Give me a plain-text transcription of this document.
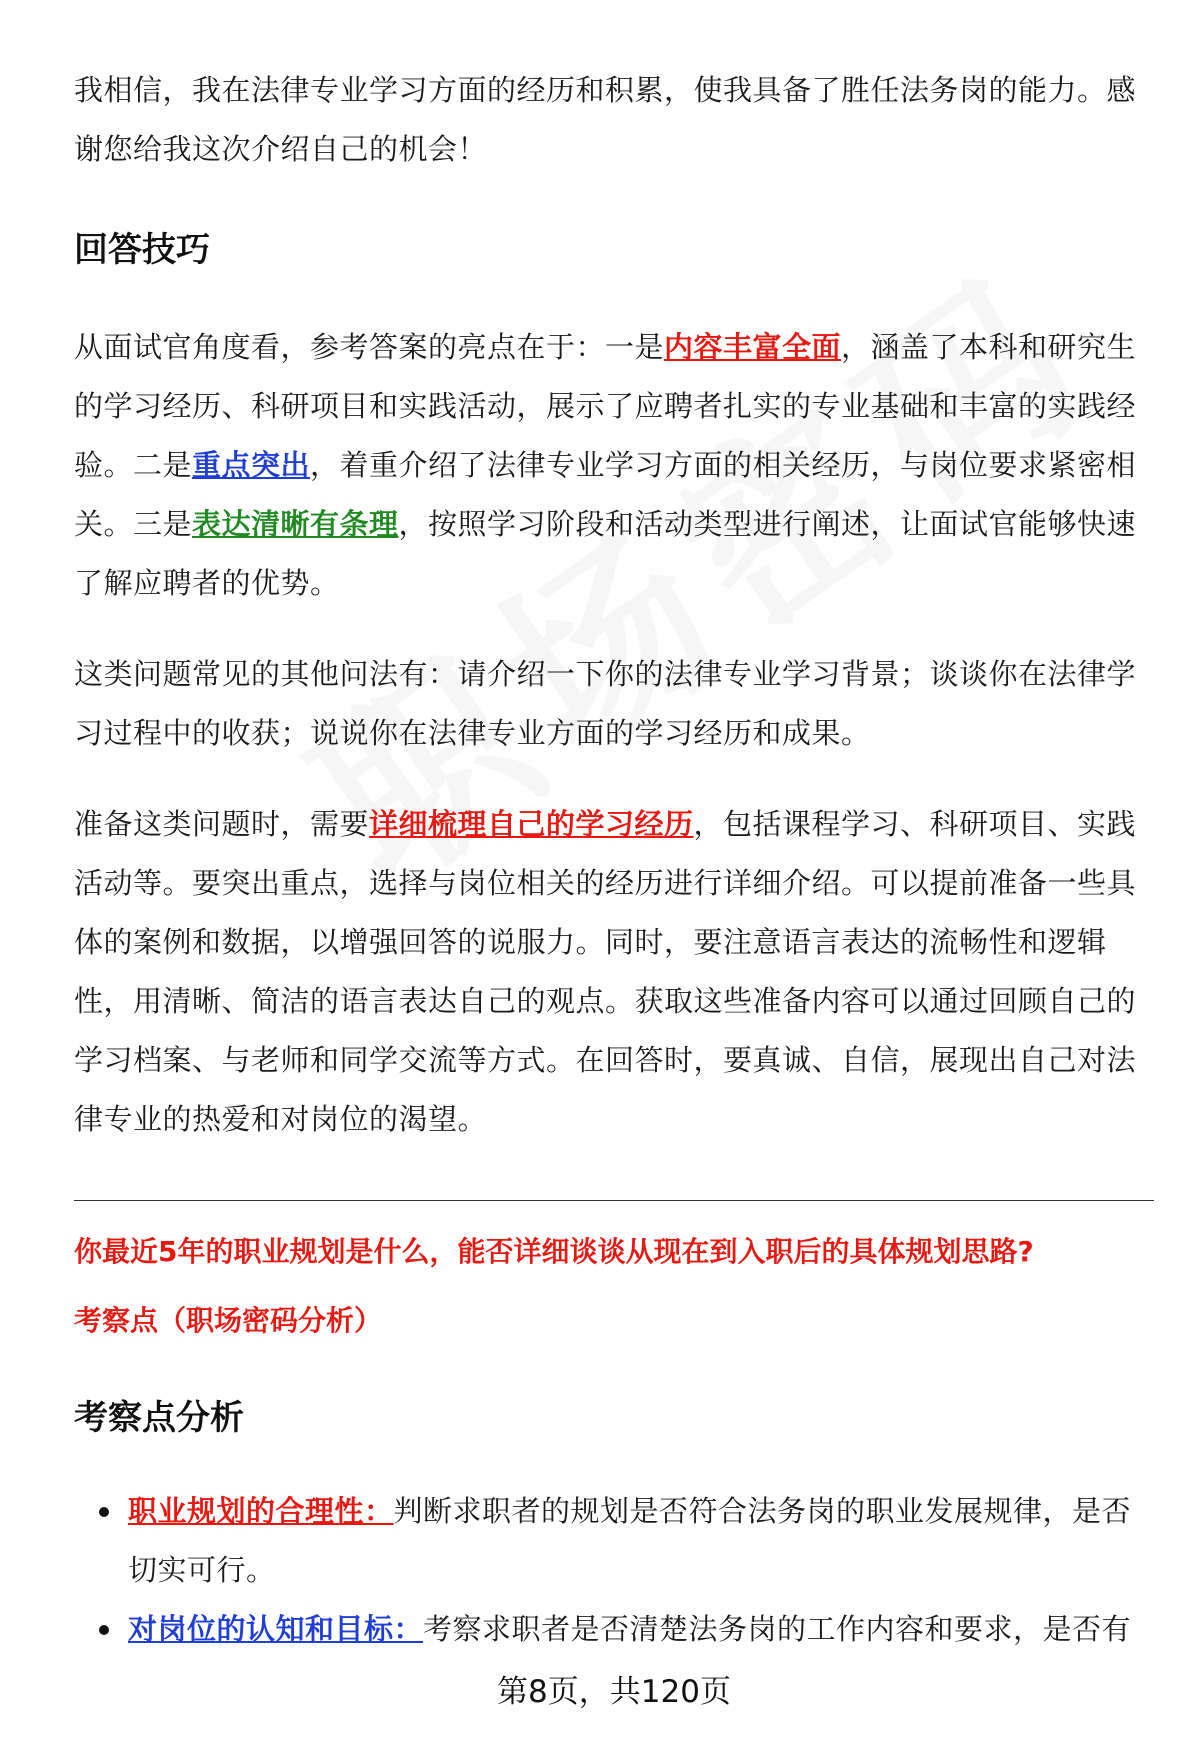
我相信，我在法律专业学习方面的经历和积累，使我具备了胜任法务岗的能力。感谢您给我这次介绍自己的机会！

回答技巧

从面试官角度看，参考答案的亮点在于：一是内容丰富全面，涵盖了本科和研究生的学习经历、科研项目和实践活动，展示了应聘者扎实的专业基础和丰富的实践经验。二是重点突出，着重介绍了法律专业学习方面的相关经历，与岗位要求紧密相关。三是表达清晰有条理，按照学习阶段和活动类型进行阐述，让面试官能够快速了解应聘者的优势。

这类问题常见的其他问法有：请介绍一下你的法律专业学习背景；谈谈你在法律学习过程中的收获；说说你在法律专业方面的学习经历和成果。

准备这类问题时，需要详细梳理自己的学习经历，包括课程学习、科研项目、实践活动等。要突出重点，选择与岗位相关的经历进行详细介绍。可以提前准备一些具体的案例和数据，以增强回答的说服力。同时，要注意语言表达的流畅性和逻辑性，用清晰、简洁的语言表达自己的观点。获取这些准备内容可以通过回顾自己的学习档案、与老师和同学交流等方式。在回答时，要真诚、自信，展现出自己对法律专业的热爱和对岗位的渴望。

你最近5年的职业规划是什么，能否详细谈谈从现在到入职后的具体规划思路?
考察点（职场密码分析）
考察点分析
职业规划的合理性：判断求职者的规划是否符合法务岗的职业发展规律，是否切实可行。
对岗位的认知和目标：考察求职者是否清楚法务岗的工作内容和要求，是否有
第8页，共120页
